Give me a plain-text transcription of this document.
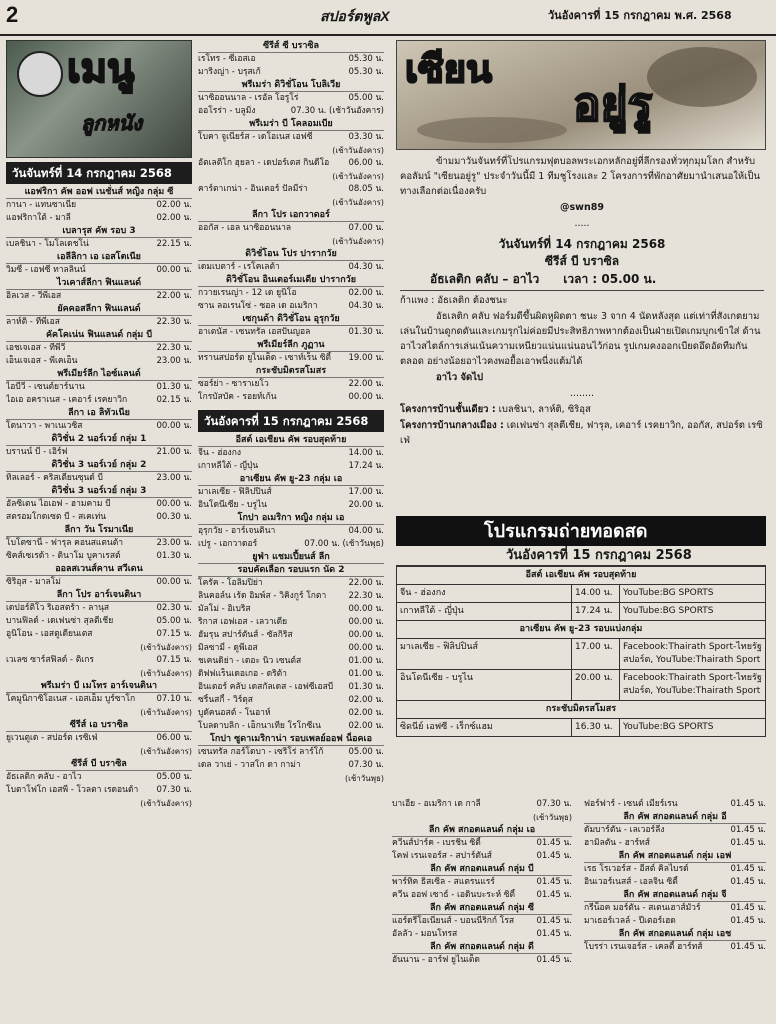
2	สปอร์ตพูลX	วันอังคารที่ 15 กรกฎาคม พ.ศ. 2568
เมนู
ลูกหนัง
วันจันทร์ที่ 14 กรกฎาคม 2568
แอฟริกา คัพ ออฟ เนชั่นส์ หญิง กลุ่ม ซี
กานา - แทนซาเนีย	02.00 น.
แอฟริกาใต้ - มาลี	02.00 น.
เบลารุส คัพ รอบ 3
เบลชินา - โมโลเดชโน่	22.15 น.
เอลีลิกา เอ เอสโตเนีย
วิมซี่ - เอฟซี ทาลลินน์	00.00 น.
ไวเคาส์ลีกา ฟินแลนด์
อิลเวส - วีพีเอส	22.00 น.
ยัคคอสลีกา ฟินแลนด์
ลาห์ติ - ทีพีเอส	22.30 น.
คัคโคเน่น ฟินแลนด์ กลุ่ม บี
เอชเจเอส - ทีพีวี	22.30 น.
เอ็นเจเอส - พีเคเอ็น	23.00 น.
พรีเมียร์ลีก ไอซ์แลนด์
ไอบีวี - เซนต์ยาร์นาน	01.30 น.
ไอเอ อคราเนส - เคอาร์ เรคยาวิก	02.15 น.
ลีกา เอ ลิทัวเนีย
โดนาวา - พาเนเวซิส	00.00 น.
ดิวิชั่น 2 นอร์เวย์ กลุ่ม 1
บรานน์ บี - เอิร์ฟ	21.00 น.
ดิวิชั่น 3 นอร์เวย์ กลุ่ม 2
ทิลเลอร์ - คริสเตียนซุนด์ บี	23.00 น.
ดิวิชั่น 3 นอร์เวย์ กลุ่ม 3
อัลซิเตน ไอเอฟ - ฮามคาม บี	00.00 น.
สตรอมโกดเซต บี - สเคเท่น	00.30 น.
ลีกา วัน โรมาเนีย
โบโตซานี่ - ฟารุล คอนสแตนต้า	23.00 น.
ซิคส์เซเรด้า - ดินาโม บูคาเรสต์	01.30 น.
ออลสเวนส์คาน สวีเดน
ซิริอุส - มาลโม่	00.00 น.
ลีกา โปร อาร์เจนตินา
เดปอร์ติโว ริเอสตร้า - ลานุส	02.30 น.
บานฟิลด์ - เดเฟนซ่า สุลตีเชีย	05.00 น.
อูนิโอน - เอสตูเดียนเตส	07.15 น.
(เช้าวันอังคาร)
เวเลซ ซาร์สฟิลด์ - ติเกร	07.15 น.
(เช้าวันอังคาร)
พรีเมร่า บี เมโทร อาร์เจนตินา
โคมูนิกาซิโอเนส - เอสเอ็ม บูร์ซาโก	07.10 น.
(เช้าวันอังคาร)
ซีรีส์ เอ บราซิล
ยูเวนตูเด - สปอร์ต เรซิเฟ่	06.00 น.
(เช้าวันอังคาร)
ซีรีส์ บี บราซิล
อัธเลติก คลับ - อาไว	05.00 น.
โบตาโฟโก เอสพี - โวลตา เรดอนด้า	07.30 น.
(เช้าวันอังคาร)
ซีรีส์ ซี บราซิล
เรโทร - ซีเอสเอ	05.30 น.
มาริงญ่า - บรุสเก้	05.30 น.
พรีเมร่า ดิวิชั่โอน โบลิเวีย
นาซิออนนาล - เรอัล โอรูโร่	05.00 น.
ออโรร่า - บลูมิ่ง	07.30 น. (เช้าวันอังคาร)
พรีเมร่า บี โคลอมเบีย
โบคา จูเนียร์ส - เดโอเนส เอฟซี	03.30 น.
(เช้าวันอังคาร)
อัตเลติโก ฮุยลา - เดปอร์เตส กินดีโอ	06.00 น.
(เช้าวันอังคาร)
คาร์ตาเกน่า - อินเตอร์ ปัลมีร่า	08.05 น.
(เช้าวันอังคาร)
ลีกา โปร เอกวาดอร์
ออกัส - เอล นาซิออนนาล	07.00 น.
(เช้าวันอังคาร)
ดิวิชั่โอน โปร ปารากวัย
เดมเบตาร์ - เรโคเลต้า	04.30 น.
ดิวิชั่โอน อินเตอร์เมเดีย ปารากวัย
กวายเรนญ่า - 12 เด ยูนิโอ	02.00 น.
ซาน ลอเรนโซ่ - ซอล เด อเมริกา	04.30 น.
เซกุนด้า ดิวิชั่โอน อุรุกวัย
อาเตนัส - เซนทรัล เอสปันญอล	01.30 น.
พรีเมียร์ลีก ภูฏาน
ทรานสปอร์ต ยูไนเต็ด - เซาท์เร็น ซิตี้	19.00 น.
กระชับมิตรสโมสร
ซอร์ย่า - ซาราเยโว	22.00 น.
โกรบัสบัค - รอยท์เก้น	00.00 น.
วันอังคารที่ 15 กรกฎาคม 2568
อีสต์ เอเชียน คัพ รอบสุดท้าย
จีน - ฮ่องกง	14.00 น.
เกาหลีใต้ - ญี่ปุ่น	17.24 น.
อาเซียน คัพ ยู-23 กลุ่ม เอ
มาเลเซีย - ฟิลิปปินส์	17.00 น.
อินโดนีเซีย - บรูไน	20.00 น.
โกปา อเมริกา หญิง กลุ่ม เอ
อุรุกวัย - อาร์เจนตินา	04.00 น.
เปรู - เอกวาดอร์	07.00 น. (เช้าวันพุธ)
ยูฟ่า แชมเปี้ยนส์ ลีก
รอบคัดเลือก รอบแรก นัด 2
โครัค - โอลิมปิย่า	22.00 น.
ลินคอล์น เร้ด อิมพ์ส - วิคิงกูร์ โกตา	22.30 น.
มัลโม่ - อิเบริส	00.00 น.
ริกาส เอฟเอส - เลวาเดีย	00.00 น.
ฮัมรุน สปาร์ตันส์ - ซัลกิริส	00.00 น.
มิลซามี่ - ดูพีเอส	00.00 น.
ชเคนดิย่า - เดอะ นิว เซนต์ส	01.00 น.
ดิฟฟแร็นเดอเกอ - ดริต้า	01.00 น.
อินเตอร์ คลับ เดสกัลเดส - เอฟซีเอสบี	01.30 น.
ซริ้นสกี้ - วิร์ตุส	02.00 น.
บูดัคนอสต์ - โนอาห์	02.00 น.
โบลดาบลิก - เอ็กนาเทีย โรโกซีเน	02.00 น.
โกปา ซูดาเมริกาน่า รอบเพลย์ออฟ น็อคเอ
เซนทรัล กอร์โดบา - เซริโร่ ลาร์โก้	05.00 น.
เดล วาเย่ - วาสโก ดา กาม่า	07.30 น.
(เช้าวันพุธ)
เซียน
อยู่รู

ข้ามมาวันจันทร์ที่โปรแกรมฟุตบอลพระเอกหลักอยู่ที่ลีกรองทั่วทุกมุมโลก สำหรับคอลัมน์ "เซียนอยู่รู" ประจำวันนี้มี 1 ทีมชูโรงและ 2 โครงการที่พักอาศัยมานำเสนอให้เป็นทางเลือกต่อเนื่องครับ

@swn89

.....

วันจันทร์ที่ 14 กรกฎาคม 2568
ซีรีส์ บี บราซิล
อัธเลติก คลับ – อาไว เวลา : 05.00 น.

ก้าแพง : อัธเลติก ต้องชนะ

อัธเลติก คลับ ฟอร์มดีขึ้นผิดหูผิดตา ชนะ 3 จาก 4 นัดหลังสุด แต่เท่าที่สังเกตยามเล่นในบ้านดูกดดันและเกมรุกไม่ค่อยมีประสิทธิภาพหากต้องเป็นฝ่ายเปิดเกมบุกเข้าใส่ ด้านอาไวสไตล์การเล่นเน้นความเหนียวแน่นแน่นอนไว้ก่อน รูปเกมคงออกเบียดอึดอัดทีมกันตลอด อย่างน้อยอาไวคงพอยื้อเอาพนี่งแต้มได้

อาไว จัดไป

........

โครงการบ้านชั้นเดียว : เบลชินา, ลาห์ติ, ซิริอุส

โครงการบ้านกลางเมือง : เดเฟนซ่า สุลตีเชีย, ฟารุล, เคอาร์ เรคยาวิก, ออกัส, สปอร์ต เรซิเฟ่

โปรแกรมถ่ายทอดสด
วันอังคารที่ 15 กรกฎาคม 2568
อีสต์ เอเชียน คัพ รอบสุดท้าย		
จีน - ฮ่องกง	14.00 น.	YouTube:BG SPORTS
เกาหลีใต้ - ญี่ปุ่น	17.24 น.	YouTube:BG SPORTS
อาเซียน คัพ ยู-23 รอบแบ่งกลุ่ม		
มาเลเซีย - ฟิลิปปินส์	17.00 น.	Facebook:Thairath Sport-ไทยรัฐสปอร์ต, YouTube:Thairath Sport
อินโดนีเซีย - บรูไน	20.00 น.	Facebook:Thairath Sport-ไทยรัฐสปอร์ต, YouTube:Thairath Sport
กระชับมิตรสโมสร		
ซิดนีย์ เอฟซี - เร็กซ์แฮม	16.30 น.	YouTube:BG SPORTS
บาเอีย - อเมริกา เด กาลี	07.30 น.
(เช้าวันพุธ)
ลีก คัพ สกอตแลนด์ กลุ่ม เอ
ควีนส์ปาร์ค - เบรชิน ซิตี้	01.45 น.
โคฟ เรนเจอร์ส - สปาร์ตันส์	01.45 น.
ลีก คัพ สกอตแลนด์ กลุ่ม บี
พาร์ทิค ธิสเซิ่ล - สแตรนแรร์	01.45 น.
ควีน ออฟ เซาธ์ - เอดินบะระห์ ซิตี้	01.45 น.
ลีก คัพ สกอตแลนด์ กลุ่ม ซี
แอร์ดรีโอเนียนส์ - บอนนีริกก์ โรส	01.45 น.
อัลลัว - มอนโทรส	01.45 น.
ลีก คัพ สกอตแลนด์ กลุ่ม ดี
อันนาน - อาร์ฟ ยูไนเต็ด	01.45 น.
ฟอร์ฟาร์ - เซนต์ เมียร์เรน	01.45 น.
ลีก คัพ สกอตแลนด์ กลุ่ม อี
ดัมบาร์ตัน - เลเวอร์ลีง	01.45 น.
ฮามิลตัน - ฮาร์ทส์	01.45 น.
ลีก คัพ สกอตแลนด์ กลุ่ม เอฟ
เรธ โรเวอร์ส - อีสต์ คิลไบรด์	01.45 น.
อินเวอร์เนสส์ - เอลจิน ซิตี้	01.45 น.
ลีก คัพ สกอตแลนด์ กลุ่ม จี
กรีน็อค มอร์ตัน - สเตนเฮาส์มัวร์	01.45 น.
มาเธอร์เวลล์ - ปีเตอร์เฮด	01.45 น.
ลีก คัพ สกอตแลนด์ กลุ่ม เอช
โบรร่า เรนเจอร์ส - เคลตี้ ฮาร์ทส์	01.45 น.
